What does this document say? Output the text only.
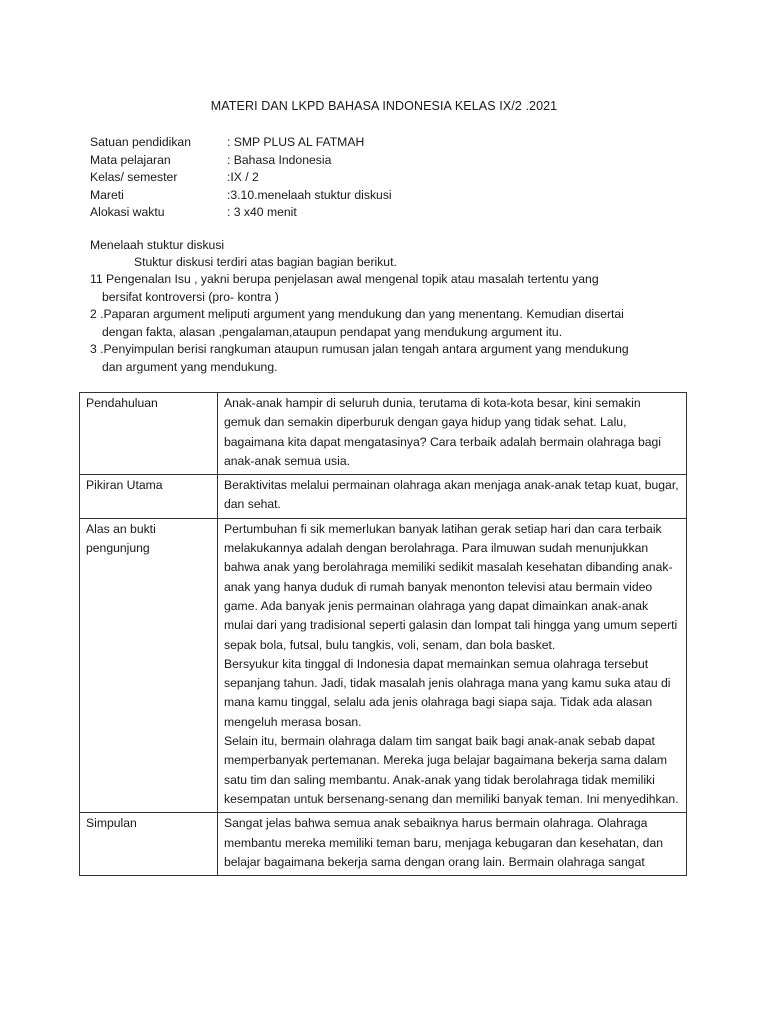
MATERI DAN LKPD BAHASA INDONESIA KELAS IX/2 .2021
Satuan pendidikan	: SMP PLUS AL FATMAH
Mata pelajaran	: Bahasa Indonesia
Kelas/ semester	:IX / 2
Mareti	:3.10.menelaah stuktur diskusi
Alokasi waktu	: 3 x40 menit
Menelaah stuktur diskusi
Stuktur diskusi terdiri atas bagian bagian berikut.
11 Pengenalan Isu , yakni berupa penjelasan awal mengenal topik atau masalah tertentu yang
bersifat kontroversi (pro- kontra )
2 .Paparan argument meliputi argument yang mendukung dan yang menentang. Kemudian disertai
dengan fakta, alasan ,pengalaman,ataupun pendapat yang mendukung argument itu.
3 .Penyimpulan berisi rangkuman ataupun rumusan jalan tengah antara argument yang mendukung
dan argument yang mendukung.
Pendahuluan	Anak-anak hampir di seluruh dunia, terutama di kota-kota besar, kini semakin gemuk dan semakin diperburuk dengan gaya hidup yang tidak sehat. Lalu, bagaimana kita dapat mengatasinya? Cara terbaik adalah bermain olahraga bagi anak-anak semua usia.

Pikiran Utama	Beraktivitas melalui permainan olahraga akan menjaga anak-anak tetap kuat, bugar, dan sehat.

Alas an bukti pengunjung	Pertumbuhan fi sik memerlukan banyak latihan gerak setiap hari dan cara terbaik melakukannya adalah dengan berolahraga. Para ilmuwan sudah menunjukkan bahwa anak yang berolahraga memiliki sedikit masalah kesehatan dibanding anak-anak yang hanya duduk di rumah banyak menonton televisi atau bermain video game. Ada banyak jenis permainan olahraga yang dapat dimainkan anak-anak mulai dari yang tradisional seperti galasin dan lompat tali hingga yang umum seperti sepak bola, futsal, bulu tangkis, voli, senam, dan bola basket.
Bersyukur kita tinggal di Indonesia dapat memainkan semua olahraga tersebut sepanjang tahun. Jadi, tidak masalah jenis olahraga mana yang kamu suka atau di mana kamu tinggal, selalu ada jenis olahraga bagi siapa saja. Tidak ada alasan mengeluh merasa bosan.
Selain itu, bermain olahraga dalam tim sangat baik bagi anak-anak sebab dapat memperbanyak pertemanan. Mereka juga belajar bagaimana bekerja sama dalam satu tim dan saling membantu. Anak-anak yang tidak berolahraga tidak memiliki kesempatan untuk bersenang-senang dan memiliki banyak teman. Ini menyedihkan.

Simpulan	Sangat jelas bahwa semua anak sebaiknya harus bermain olahraga. Olahraga membantu mereka memiliki teman baru, menjaga kebugaran dan kesehatan, dan belajar bagaimana bekerja sama dengan orang lain. Bermain olahraga sangat
